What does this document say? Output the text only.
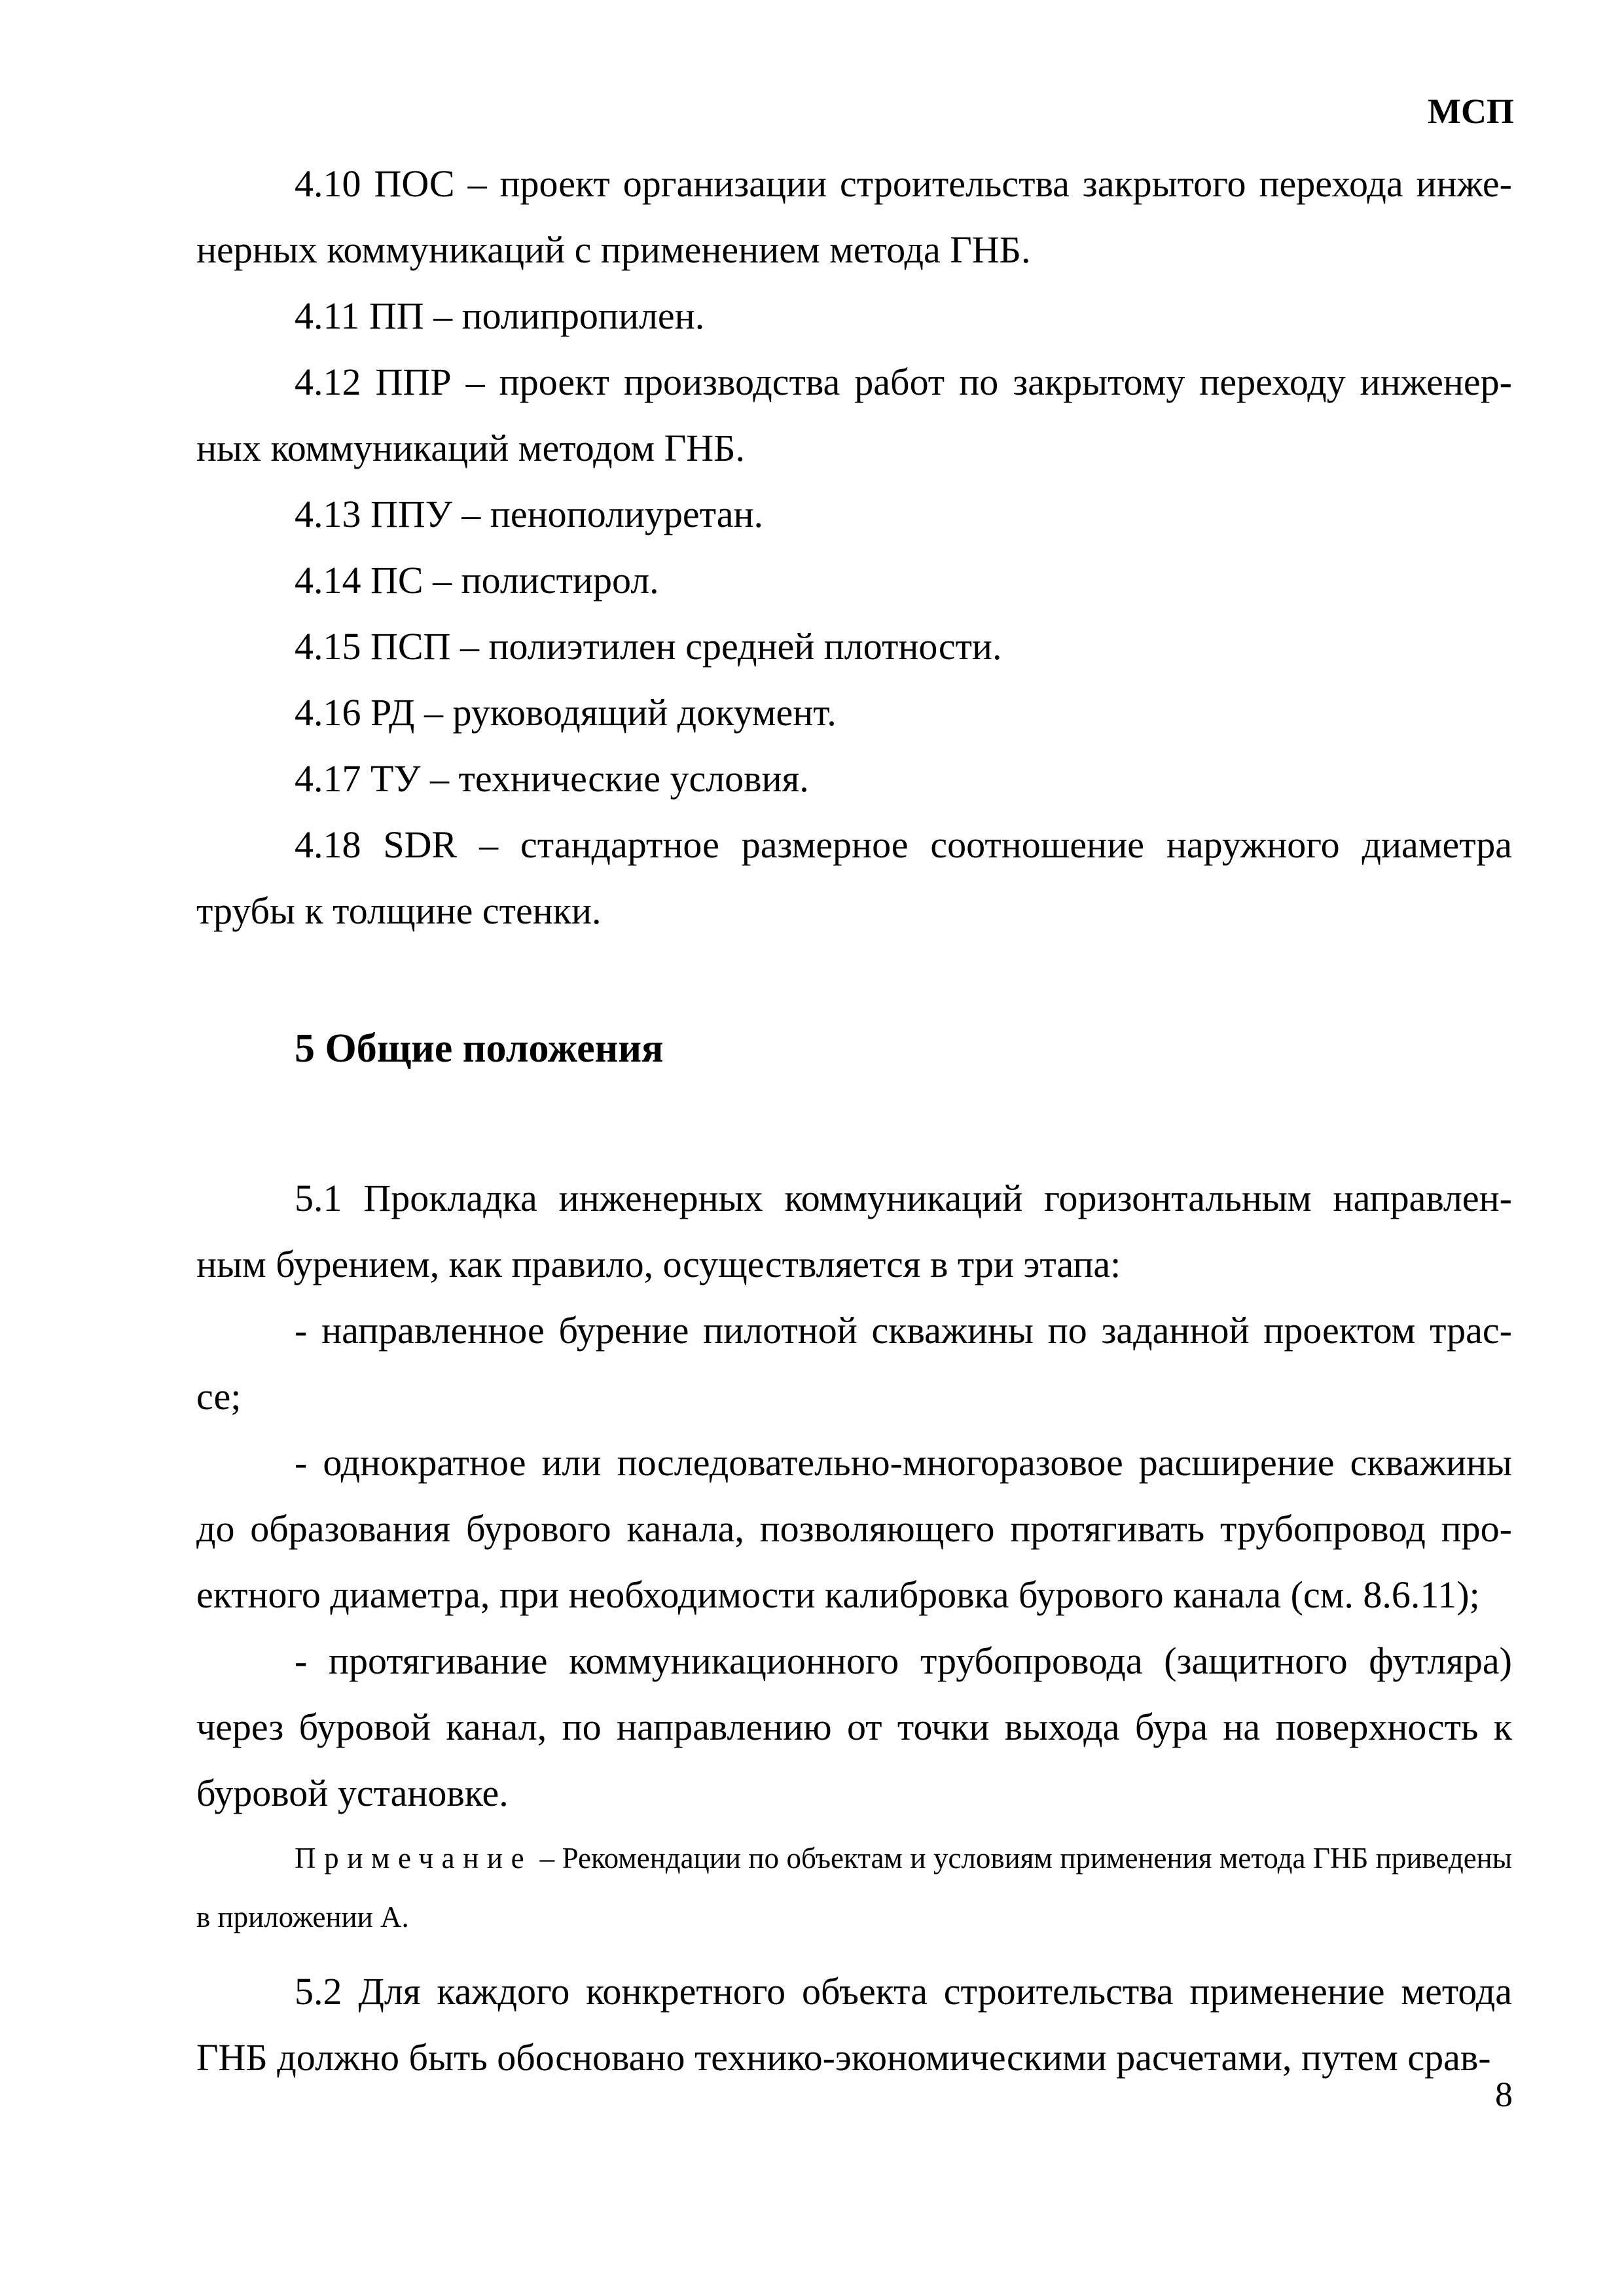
МСП

4.10 ПОС – проект организации строительства закрытого перехода инже-нерных коммуникаций с применением метода ГНБ.

4.11 ПП – полипропилен.

4.12 ППР – проект производства работ по закрытому переходу инженер-ных коммуникаций методом ГНБ.

4.13 ППУ – пенополиуретан.

4.14 ПС – полистирол.

4.15 ПСП – полиэтилен средней плотности.

4.16 РД – руководящий документ.

4.17 ТУ – технические условия.

4.18 SDR – стандартное размерное соотношение наружного диаметра трубы к толщине стенки.

5 Общие положения

5.1 Прокладка инженерных коммуникаций горизонтальным направлен-ным бурением, как правило, осуществляется в три этапа:

- направленное бурение пилотной скважины по заданной проектом трас-се;

- однократное или последовательно-многоразовое расширение скважины до образования бурового канала, позволяющего протягивать трубопровод про-ектного диаметра, при необходимости калибровка бурового канала (см. 8.6.11);

- протягивание коммуникационного трубопровода (защитного футляра) через буровой канал, по направлению от точки выхода бура на поверхность к буровой установке.

Примечание – Рекомендации по объектам и условиям применения метода ГНБ приведены в приложении А.

5.2 Для каждого конкретного объекта строительства применение метода ГНБ должно быть обосновано технико-экономическими расчетами, путем срав-

8
